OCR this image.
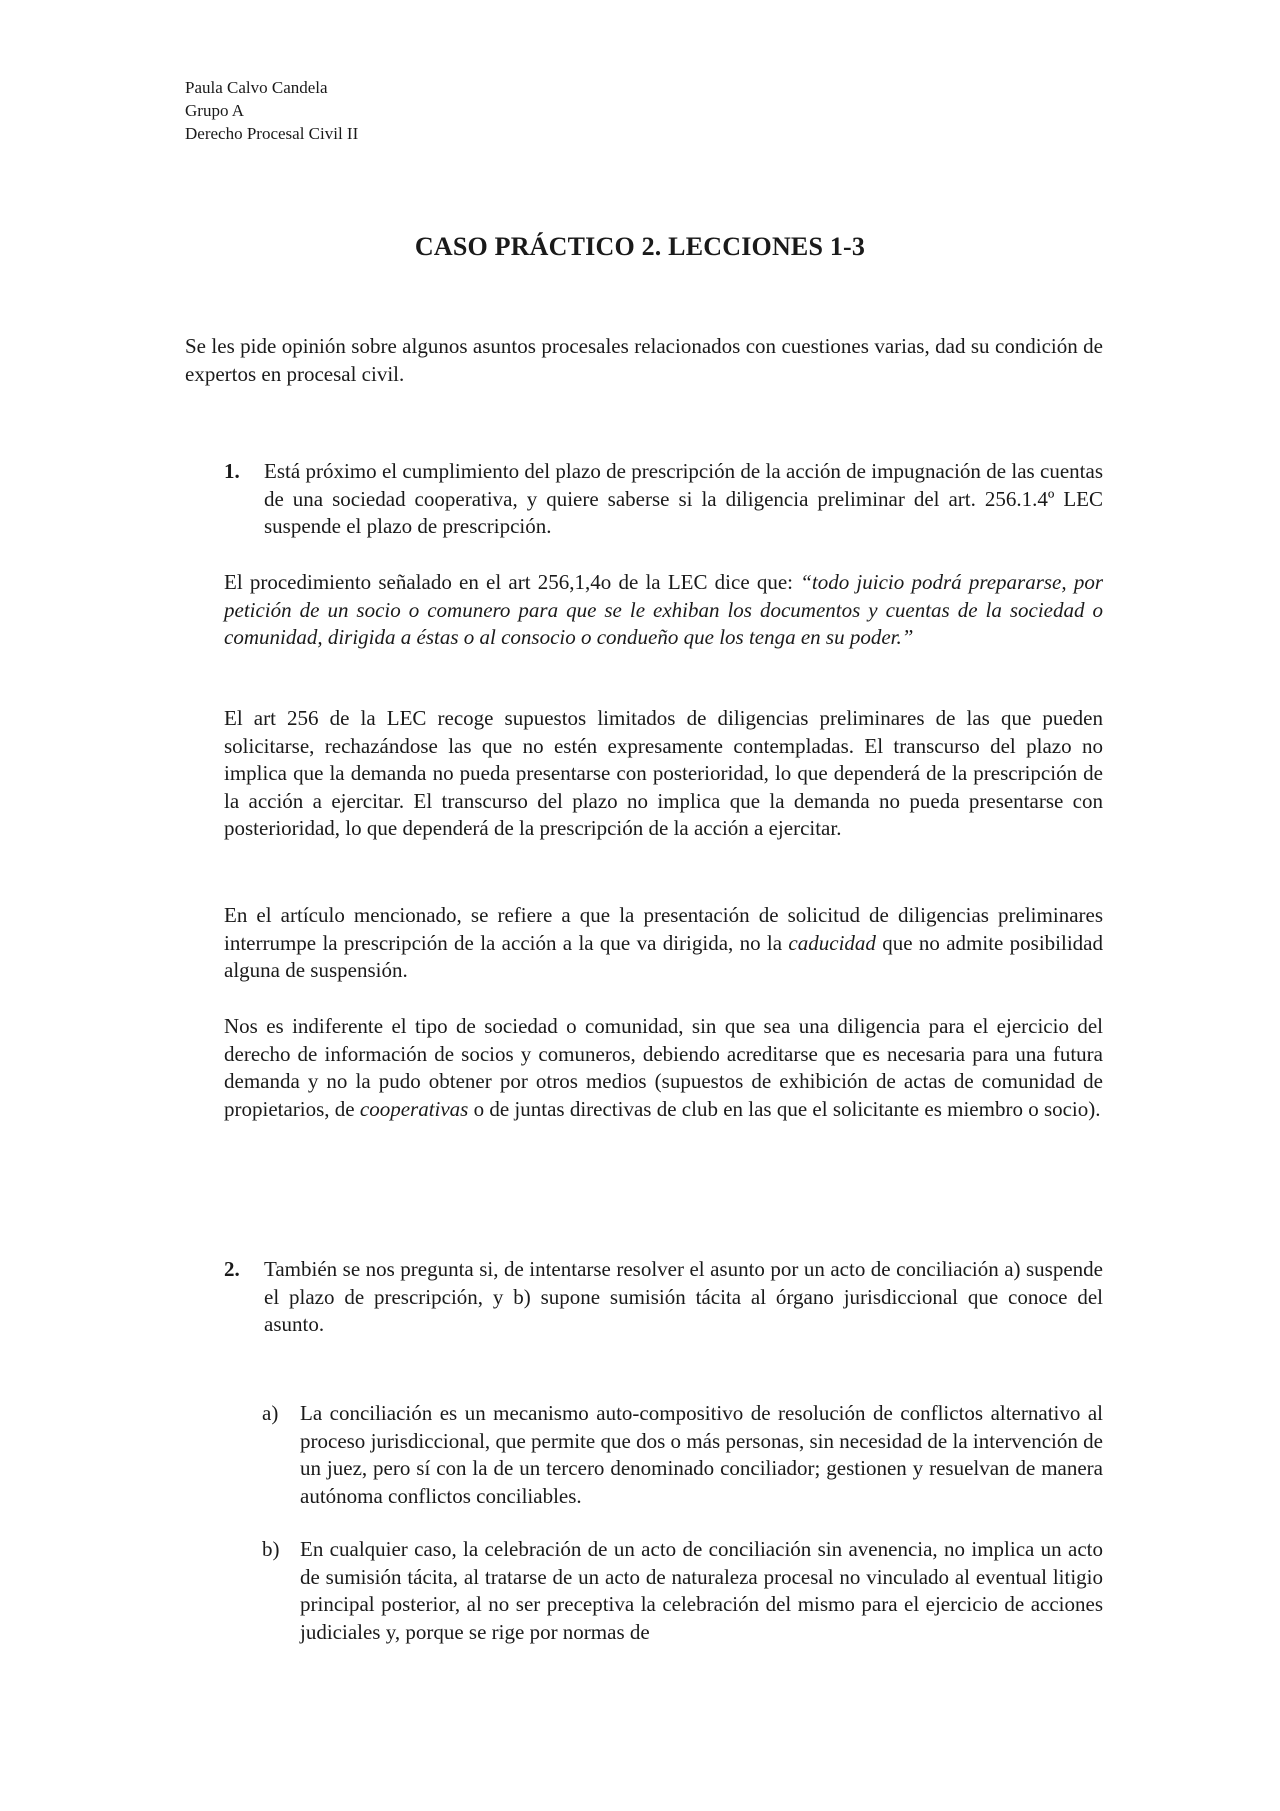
Paula Calvo Candela
Grupo A
Derecho Procesal Civil II
CASO PRÁCTICO 2. LECCIONES 1-3

Se les pide opinión sobre algunos asuntos procesales relacionados con cuestiones varias, dad su condición de expertos en procesal civil.

1. Está próximo el cumplimiento del plazo de prescripción de la acción de impugnación de las cuentas de una sociedad cooperativa, y quiere saberse si la diligencia preliminar del art. 256.1.4º LEC suspende el plazo de prescripción.

El procedimiento señalado en el art 256,1,4o de la LEC dice que: “todo juicio podrá prepararse, por petición de un socio o comunero para que se le exhiban los documentos y cuentas de la sociedad o comunidad, dirigida a éstas o al consocio o condueño que los tenga en su poder.”

El art 256 de la LEC recoge supuestos limitados de diligencias preliminares de las que pueden solicitarse, rechazándose las que no estén expresamente contempladas. El transcurso del plazo no implica que la demanda no pueda presentarse con posterioridad, lo que dependerá de la prescripción de la acción a ejercitar. El transcurso del plazo no implica que la demanda no pueda presentarse con posterioridad, lo que dependerá de la prescripción de la acción a ejercitar.

En el artículo mencionado, se refiere a que la presentación de solicitud de diligencias preliminares interrumpe la prescripción de la acción a la que va dirigida, no la caducidad que no admite posibilidad alguna de suspensión.

Nos es indiferente el tipo de sociedad o comunidad, sin que sea una diligencia para el ejercicio del derecho de información de socios y comuneros, debiendo acreditarse que es necesaria para una futura demanda y no la pudo obtener por otros medios (supuestos de exhibición de actas de comunidad de propietarios, de cooperativas o de juntas directivas de club en las que el solicitante es miembro o socio).

2. También se nos pregunta si, de intentarse resolver el asunto por un acto de conciliación a) suspende el plazo de prescripción, y b) supone sumisión tácita al órgano jurisdiccional que conoce del asunto.
a) La conciliación es un mecanismo auto-compositivo de resolución de conflictos alternativo al proceso jurisdiccional, que permite que dos o más personas, sin necesidad de la intervención de un juez, pero sí con la de un tercero denominado conciliador; gestionen y resuelvan de manera autónoma conflictos conciliables.
b) En cualquier caso, la celebración de un acto de conciliación sin avenencia, no implica un acto de sumisión tácita, al tratarse de un acto de naturaleza procesal no vinculado al eventual litigio principal posterior, al no ser preceptiva la celebración del mismo para el ejercicio de acciones judiciales y, porque se rige por normas de
